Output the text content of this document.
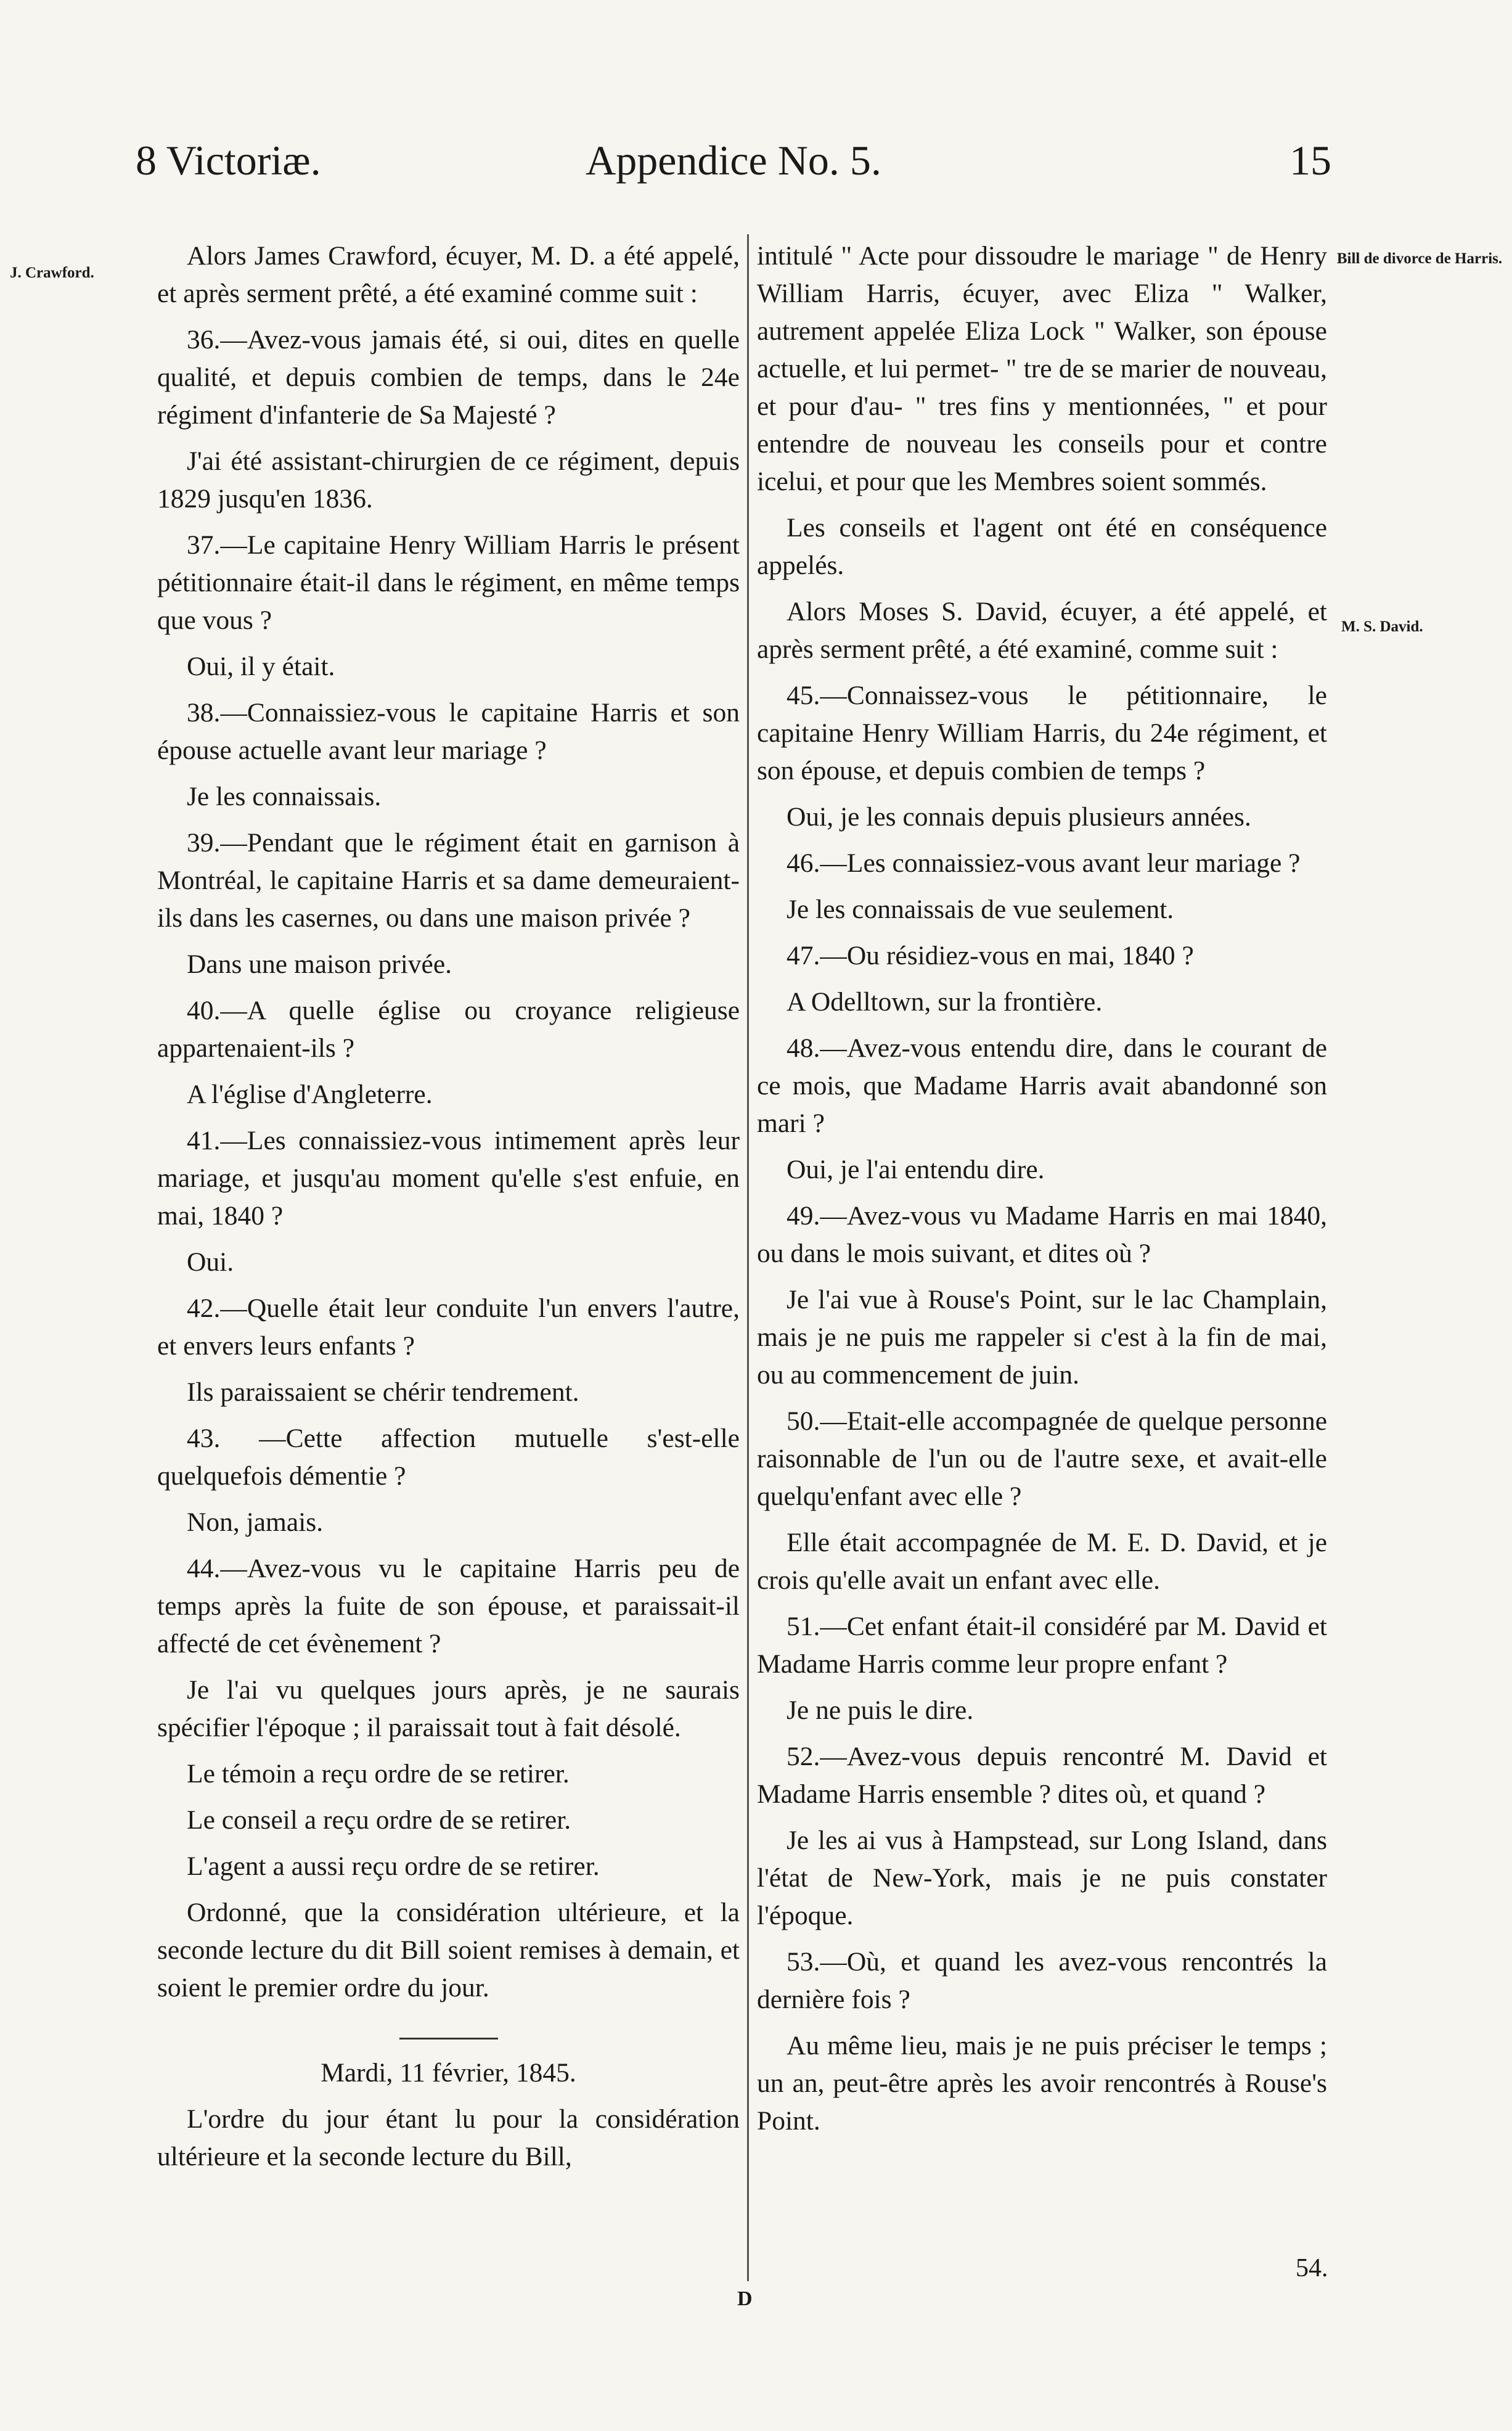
8 Victoriæ.	Appendice No. 5.	15
J. Crawford.
Bill de divorce de Harris.
M. S. David.

Alors James Crawford, écuyer, M. D. a été appelé, et après serment prêté, a été examiné comme suit :

36.—Avez-vous jamais été, si oui, dites en quelle qualité, et depuis combien de temps, dans le 24e régiment d'infanterie de Sa Majesté ?

J'ai été assistant-chirurgien de ce régiment, depuis 1829 jusqu'en 1836.

37.—Le capitaine Henry William Harris le présent pétitionnaire était-il dans le régiment, en même temps que vous ?

Oui, il y était.

38.—Connaissiez-vous le capitaine Harris et son épouse actuelle avant leur mariage ?

Je les connaissais.

39.—Pendant que le régiment était en garnison à Montréal, le capitaine Harris et sa dame demeuraient-ils dans les casernes, ou dans une maison privée ?

Dans une maison privée.

40.—A quelle église ou croyance religieuse appartenaient-ils ?

A l'église d'Angleterre.

41.—Les connaissiez-vous intimement après leur mariage, et jusqu'au moment qu'elle s'est enfuie, en mai, 1840 ?

Oui.

42.—Quelle était leur conduite l'un envers l'autre, et envers leurs enfants ?

Ils paraissaient se chérir tendrement.

43. —Cette affection mutuelle s'est-elle quelquefois démentie ?

Non, jamais.

44.—Avez-vous vu le capitaine Harris peu de temps après la fuite de son épouse, et paraissait-il affecté de cet évènement ?

Je l'ai vu quelques jours après, je ne saurais spécifier l'époque ; il paraissait tout à fait désolé.

Le témoin a reçu ordre de se retirer.

Le conseil a reçu ordre de se retirer.

L'agent a aussi reçu ordre de se retirer.

Ordonné, que la considération ultérieure, et la seconde lecture du dit Bill soient remises à demain, et soient le premier ordre du jour.

Mardi, 11 février, 1845.

L'ordre du jour étant lu pour la considération ultérieure et la seconde lecture du Bill,

intitulé " Acte pour dissoudre le mariage " de Henry William Harris, écuyer, avec Eliza " Walker, autrement appelée Eliza Lock " Walker, son épouse actuelle, et lui permet- " tre de se marier de nouveau, et pour d'au- " tres fins y mentionnées, " et pour entendre de nouveau les conseils pour et contre icelui, et pour que les Membres soient sommés.

Les conseils et l'agent ont été en conséquence appelés.

Alors Moses S. David, écuyer, a été appelé, et après serment prêté, a été examiné, comme suit :

45.—Connaissez-vous le pétitionnaire, le capitaine Henry William Harris, du 24e régiment, et son épouse, et depuis combien de temps ?

Oui, je les connais depuis plusieurs années.

46.—Les connaissiez-vous avant leur mariage ?

Je les connaissais de vue seulement.

47.—Ou résidiez-vous en mai, 1840 ?

A Odelltown, sur la frontière.

48.—Avez-vous entendu dire, dans le courant de ce mois, que Madame Harris avait abandonné son mari ?

Oui, je l'ai entendu dire.

49.—Avez-vous vu Madame Harris en mai 1840, ou dans le mois suivant, et dites où ?

Je l'ai vue à Rouse's Point, sur le lac Champlain, mais je ne puis me rappeler si c'est à la fin de mai, ou au commencement de juin.

50.—Etait-elle accompagnée de quelque personne raisonnable de l'un ou de l'autre sexe, et avait-elle quelqu'enfant avec elle ?

Elle était accompagnée de M. E. D. David, et je crois qu'elle avait un enfant avec elle.

51.—Cet enfant était-il considéré par M. David et Madame Harris comme leur propre enfant ?

Je ne puis le dire.

52.—Avez-vous depuis rencontré M. David et Madame Harris ensemble ? dites où, et quand ?

Je les ai vus à Hampstead, sur Long Island, dans l'état de New-York, mais je ne puis constater l'époque.

53.—Où, et quand les avez-vous rencontrés la dernière fois ?

Au même lieu, mais je ne puis préciser le temps ; un an, peut-être après les avoir rencontrés à Rouse's Point.

54.
D
